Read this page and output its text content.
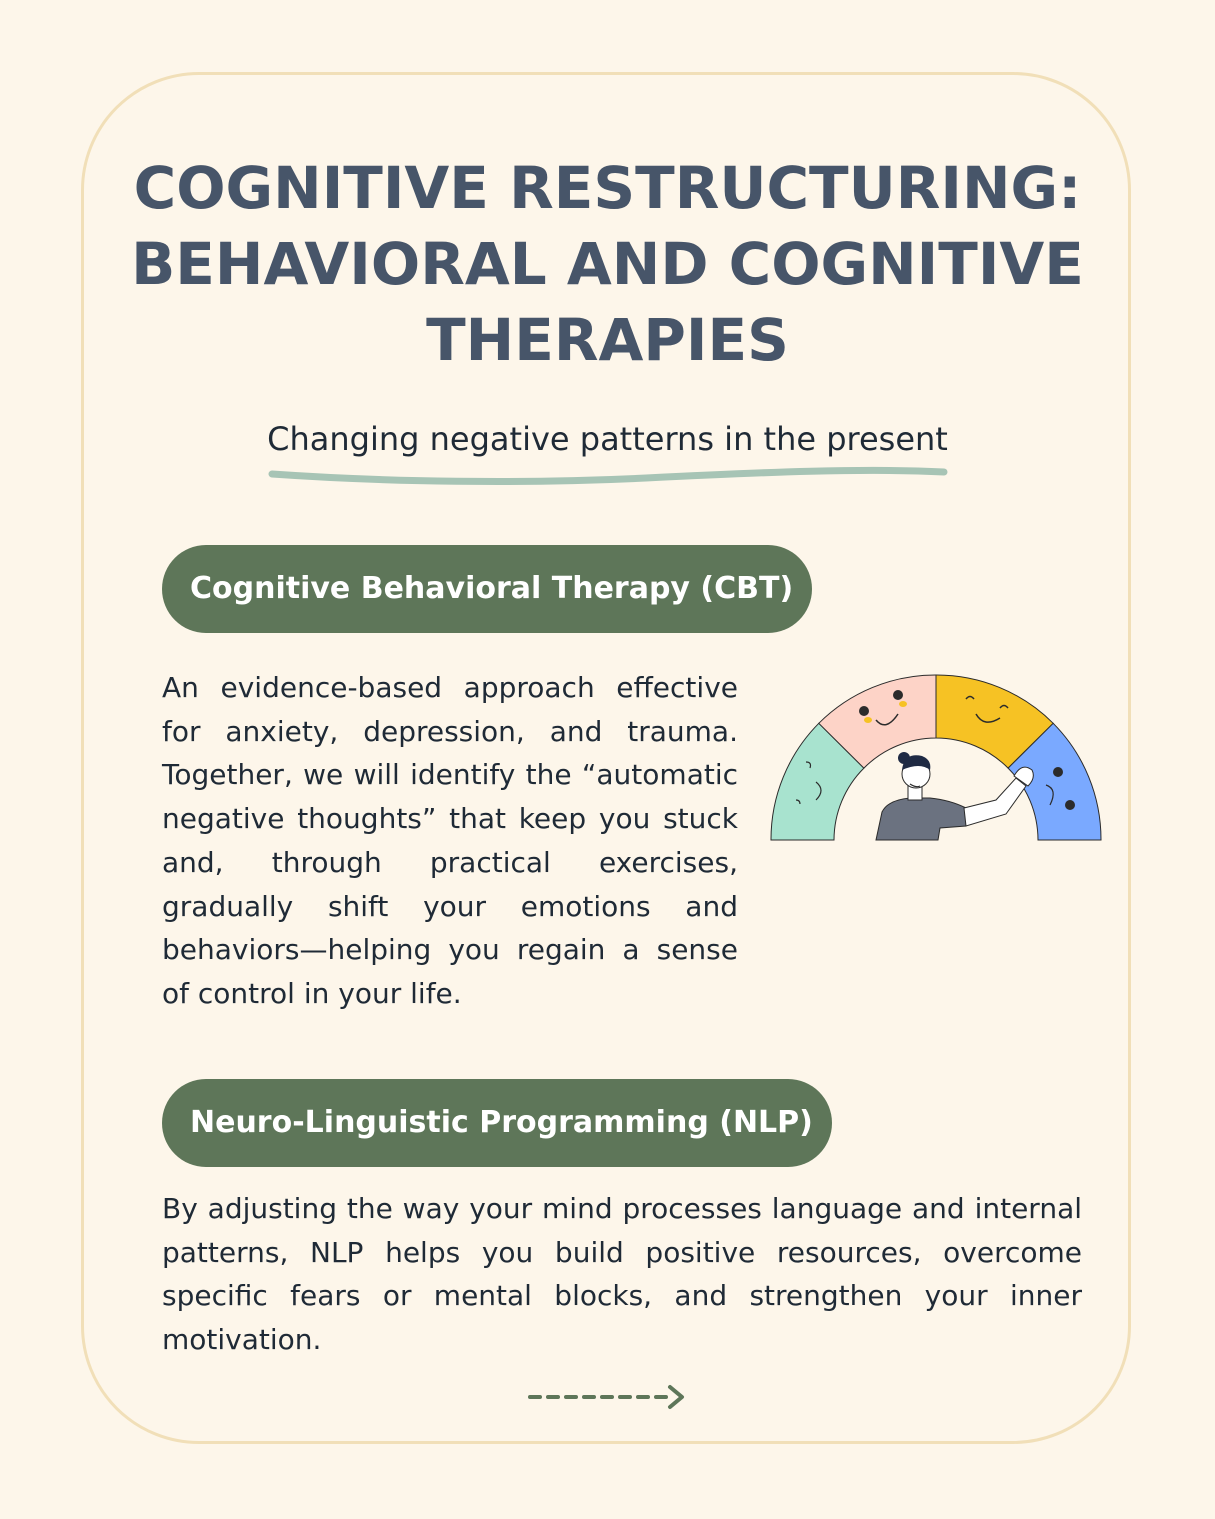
COGNITIVE RESTRUCTURING:
BEHAVIORAL AND COGNITIVE
THERAPIES
Changing negative patterns in the present
Cognitive Behavioral Therapy (CBT)

An evidence-based approach effective for anxiety, depression, and trauma. Together, we will identify the “automatic negative thoughts” that keep you stuck and, through practical exercises, gradually shift your emotions and behaviors—helping you regain a sense of control in your life.

Neuro-Linguistic Programming (NLP)

By adjusting the way your mind processes language and internal patterns, NLP helps you build positive resources, overcome specific fears or mental blocks, and strengthen your inner motivation.
